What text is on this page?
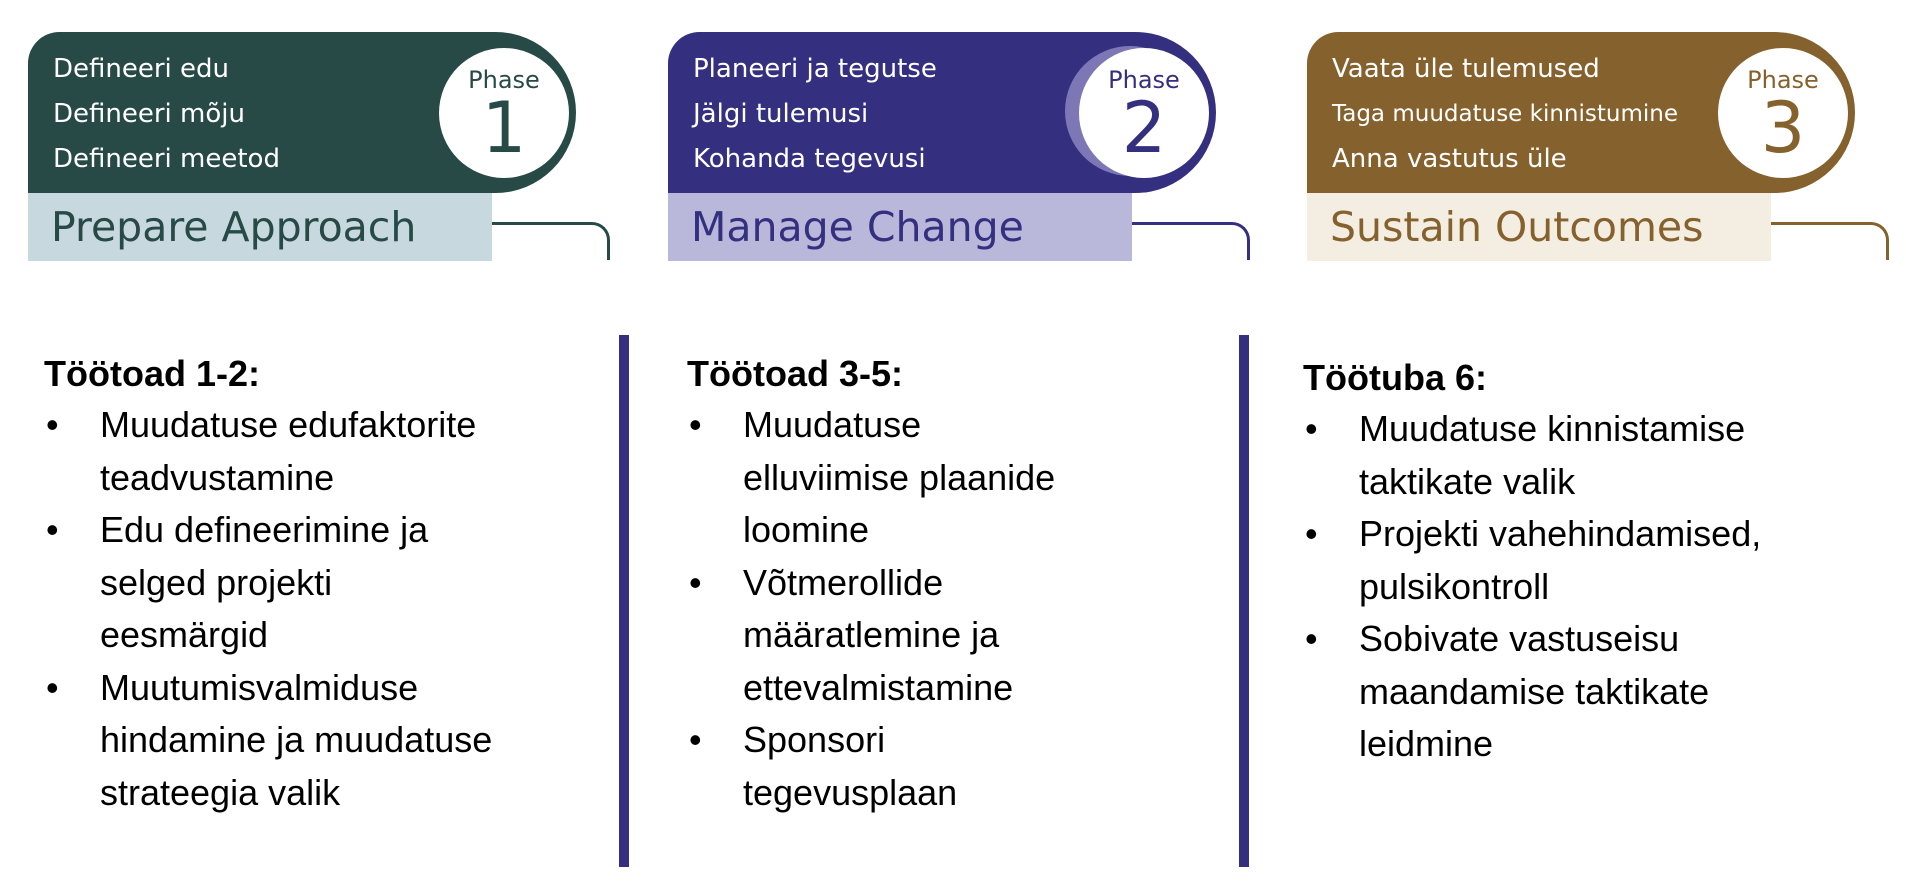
Defineeri edu
Defineeri mõju
Defineeri meetod
Phase
1
Prepare Approach
Planeeri ja tegutse
Jälgi tulemusi
Kohanda tegevusi
Phase
2
Manage Change
Vaata üle tulemused
Taga muudatuse kinnistumine
Anna vastutus üle
Phase
3
Sustain Outcomes
Töötoad 1-2:
• Muudatuse edufaktorite
teadvustamine
• Edu defineerimine ja
selged projekti
eesmärgid
• Muutumisvalmiduse
hindamine ja muudatuse
strateegia valik
Töötoad 3-5:
• Muudatuse
elluviimise plaanide
loomine
• Võtmerollide
määratlemine ja
ettevalmistamine
• Sponsori
tegevusplaan
Töötuba 6:
• Muudatuse kinnistamise
taktikate valik
• Projekti vahehindamised,
pulsikontroll
• Sobivate vastuseisu
maandamise taktikate
leidmine
